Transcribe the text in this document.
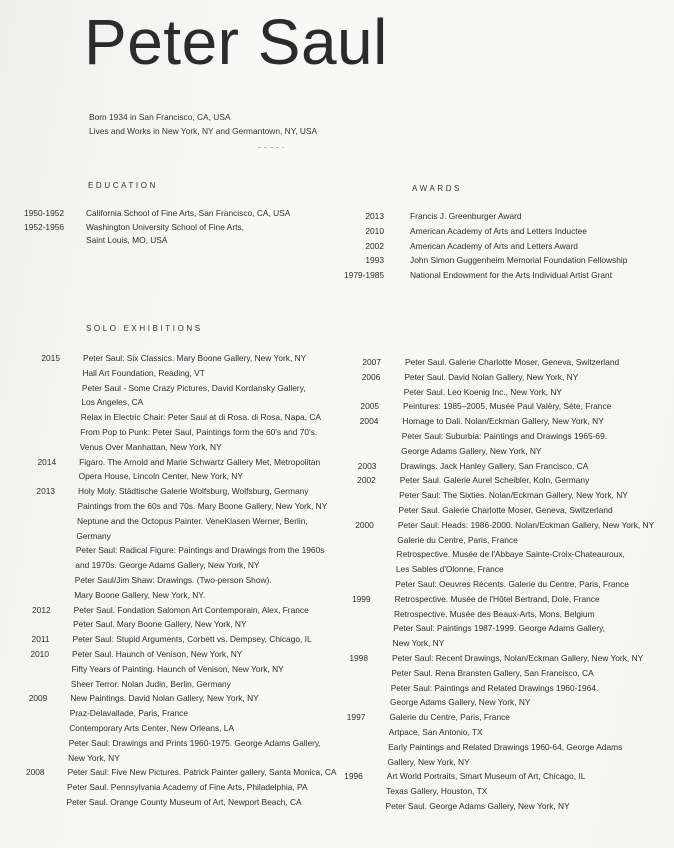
Peter Saul
Born 1934 in San Francisco, CA, USA
Lives and Works in New York, NY and Germantown, NY, USA
EDUCATION	AWARDS
SOLO EXHIBITIONS
1950-1952	California School of Fine Arts, San Francisco, CA, USA
1952-1956	Washington University School of Fine Arts,
Saint Louis, MO, USA
2013	Francis J. Greenburger Award
2010	American Academy of Arts and Letters Inductee
2002	American Academy of Arts and Letters Award
1993	John Simon Guggenheim Memorial Foundation Fellowship
1979-1985	National Endowment for the Arts Individual Artist Grant
2015	Peter Saul: Six Classics. Mary Boone Gallery, New York, NY
Hall Art Foundation, Reading, VT
Peter Saul - Some Crazy Pictures, David Kordansky Gallery,
Los Angeles, CA
Relax in Electric Chair: Peter Saul at di Rosa. di Rosa, Napa, CA
From Pop to Punk: Peter Saul, Paintings form the 60's and 70's.
Venus Over Manhattan, New York, NY
2014	Figaro. The Arnold and Marie Schwartz Gallery Met, Metropolitan
Opera House, Lincoln Center, New York, NY
2013	Holy Moly. Städtische Galerie Wolfsburg, Wolfsburg, Germany
Paintings from the 60s and 70s. Mary Boone Gallery, New York, NY
Neptune and the Octopus Painter. VeneKlasen Werner, Berlin,
Germany
Peter Saul: Radical Figure: Paintings and Drawings from the 1960s
and 1970s. George Adams Gallery, New York, NY
Peter Saul/Jim Shaw: Drawings. (Two-person Show).
Mary Boone Gallery, New York, NY.
2012	Peter Saul. Fondation Salomon Art Contemporain, Alex, France
Peter Saul. Mary Boone Gallery, New York, NY
2011	Peter Saul: Stupid Arguments, Corbett vs. Dempsey, Chicago, IL
2010	Peter Saul. Haunch of Venison, New York, NY
Fifty Years of Painting. Haunch of Venison, New York, NY
Sheer Terror. Nolan Judin, Berlin, Germany
2009	New Paintings. David Nolan Gallery, New York, NY
Praz-Delavallade, Paris, France
Contemporary Arts Center, New Orleans, LA
Peter Saul: Drawings and Prints 1960-1975. George Adams Gallery,
New York, NY
2008	Peter Saul: Five New Pictures. Patrick Painter gallery, Santa Monica, CA
Peter Saul. Pennsylvania Academy of Fine Arts, Philadelphia, PA
Peter Saul. Orange County Museum of Art, Newport Beach, CA
2007	Peter Saul. Galerie Charlotte Moser, Geneva, Switzerland
2006	Peter Saul. David Nolan Gallery, New York, NY
Peter Saul. Leo Koenig Inc., New York, NY
2005	Peintures: 1985–2005, Musée Paul Valèry, Sète, France
2004	Homage to Dali. Nolan/Eckman Gallery, New York, NY
Peter Saul: Suburbia: Paintings and Drawings 1965-69.
George Adams Gallery, New York, NY
2003	Drawings. Jack Hanley Gallery, San Francisco, CA
2002	Peter Saul. Galerie Aurel Scheibler, Koln, Germany
Peter Saul: The Sixties. Nolan/Eckman Gallery, New York, NY
Peter Saul. Galerie Charlotte Moser, Geneva, Switzerland
2000	Peter Saul: Heads: 1986-2000. Nolan/Eckman Gallery, New York, NY
Galerie du Centre, Paris, France
Retrospective. Musée de l'Abbaye Sainte-Croix-Chateauroux,
Les Sables d'Olonne, France
Peter Saul: Oeuvres Récents. Galerie du Centre, Paris, France
1999	Retrospective. Musée de l'Hôtel Bertrand, Dole, France
Retrospective. Musée des Beaux-Arts, Mons, Belgium
Peter Saul: Paintings 1987-1999. George Adams Gallery,
New York, NY
1998	Peter Saul: Recent Drawings, Nolan/Eckman Gallery, New York, NY
Peter Saul. Rena Bransten Gallery, San Francisco, CA
Peter Saul: Paintings and Related Drawings 1960-1964.
George Adams Gallery, New York, NY
1997	Galerie du Centre, Paris, France
Artpace, San Antonio, TX
Early Paintings and Related Drawings 1960-64, George Adams
Gallery, New York, NY
1996	Art World Portraits, Smart Museum of Art, Chicago, IL
Texas Gallery, Houston, TX
Peter Saul. George Adams Gallery, New York, NY
